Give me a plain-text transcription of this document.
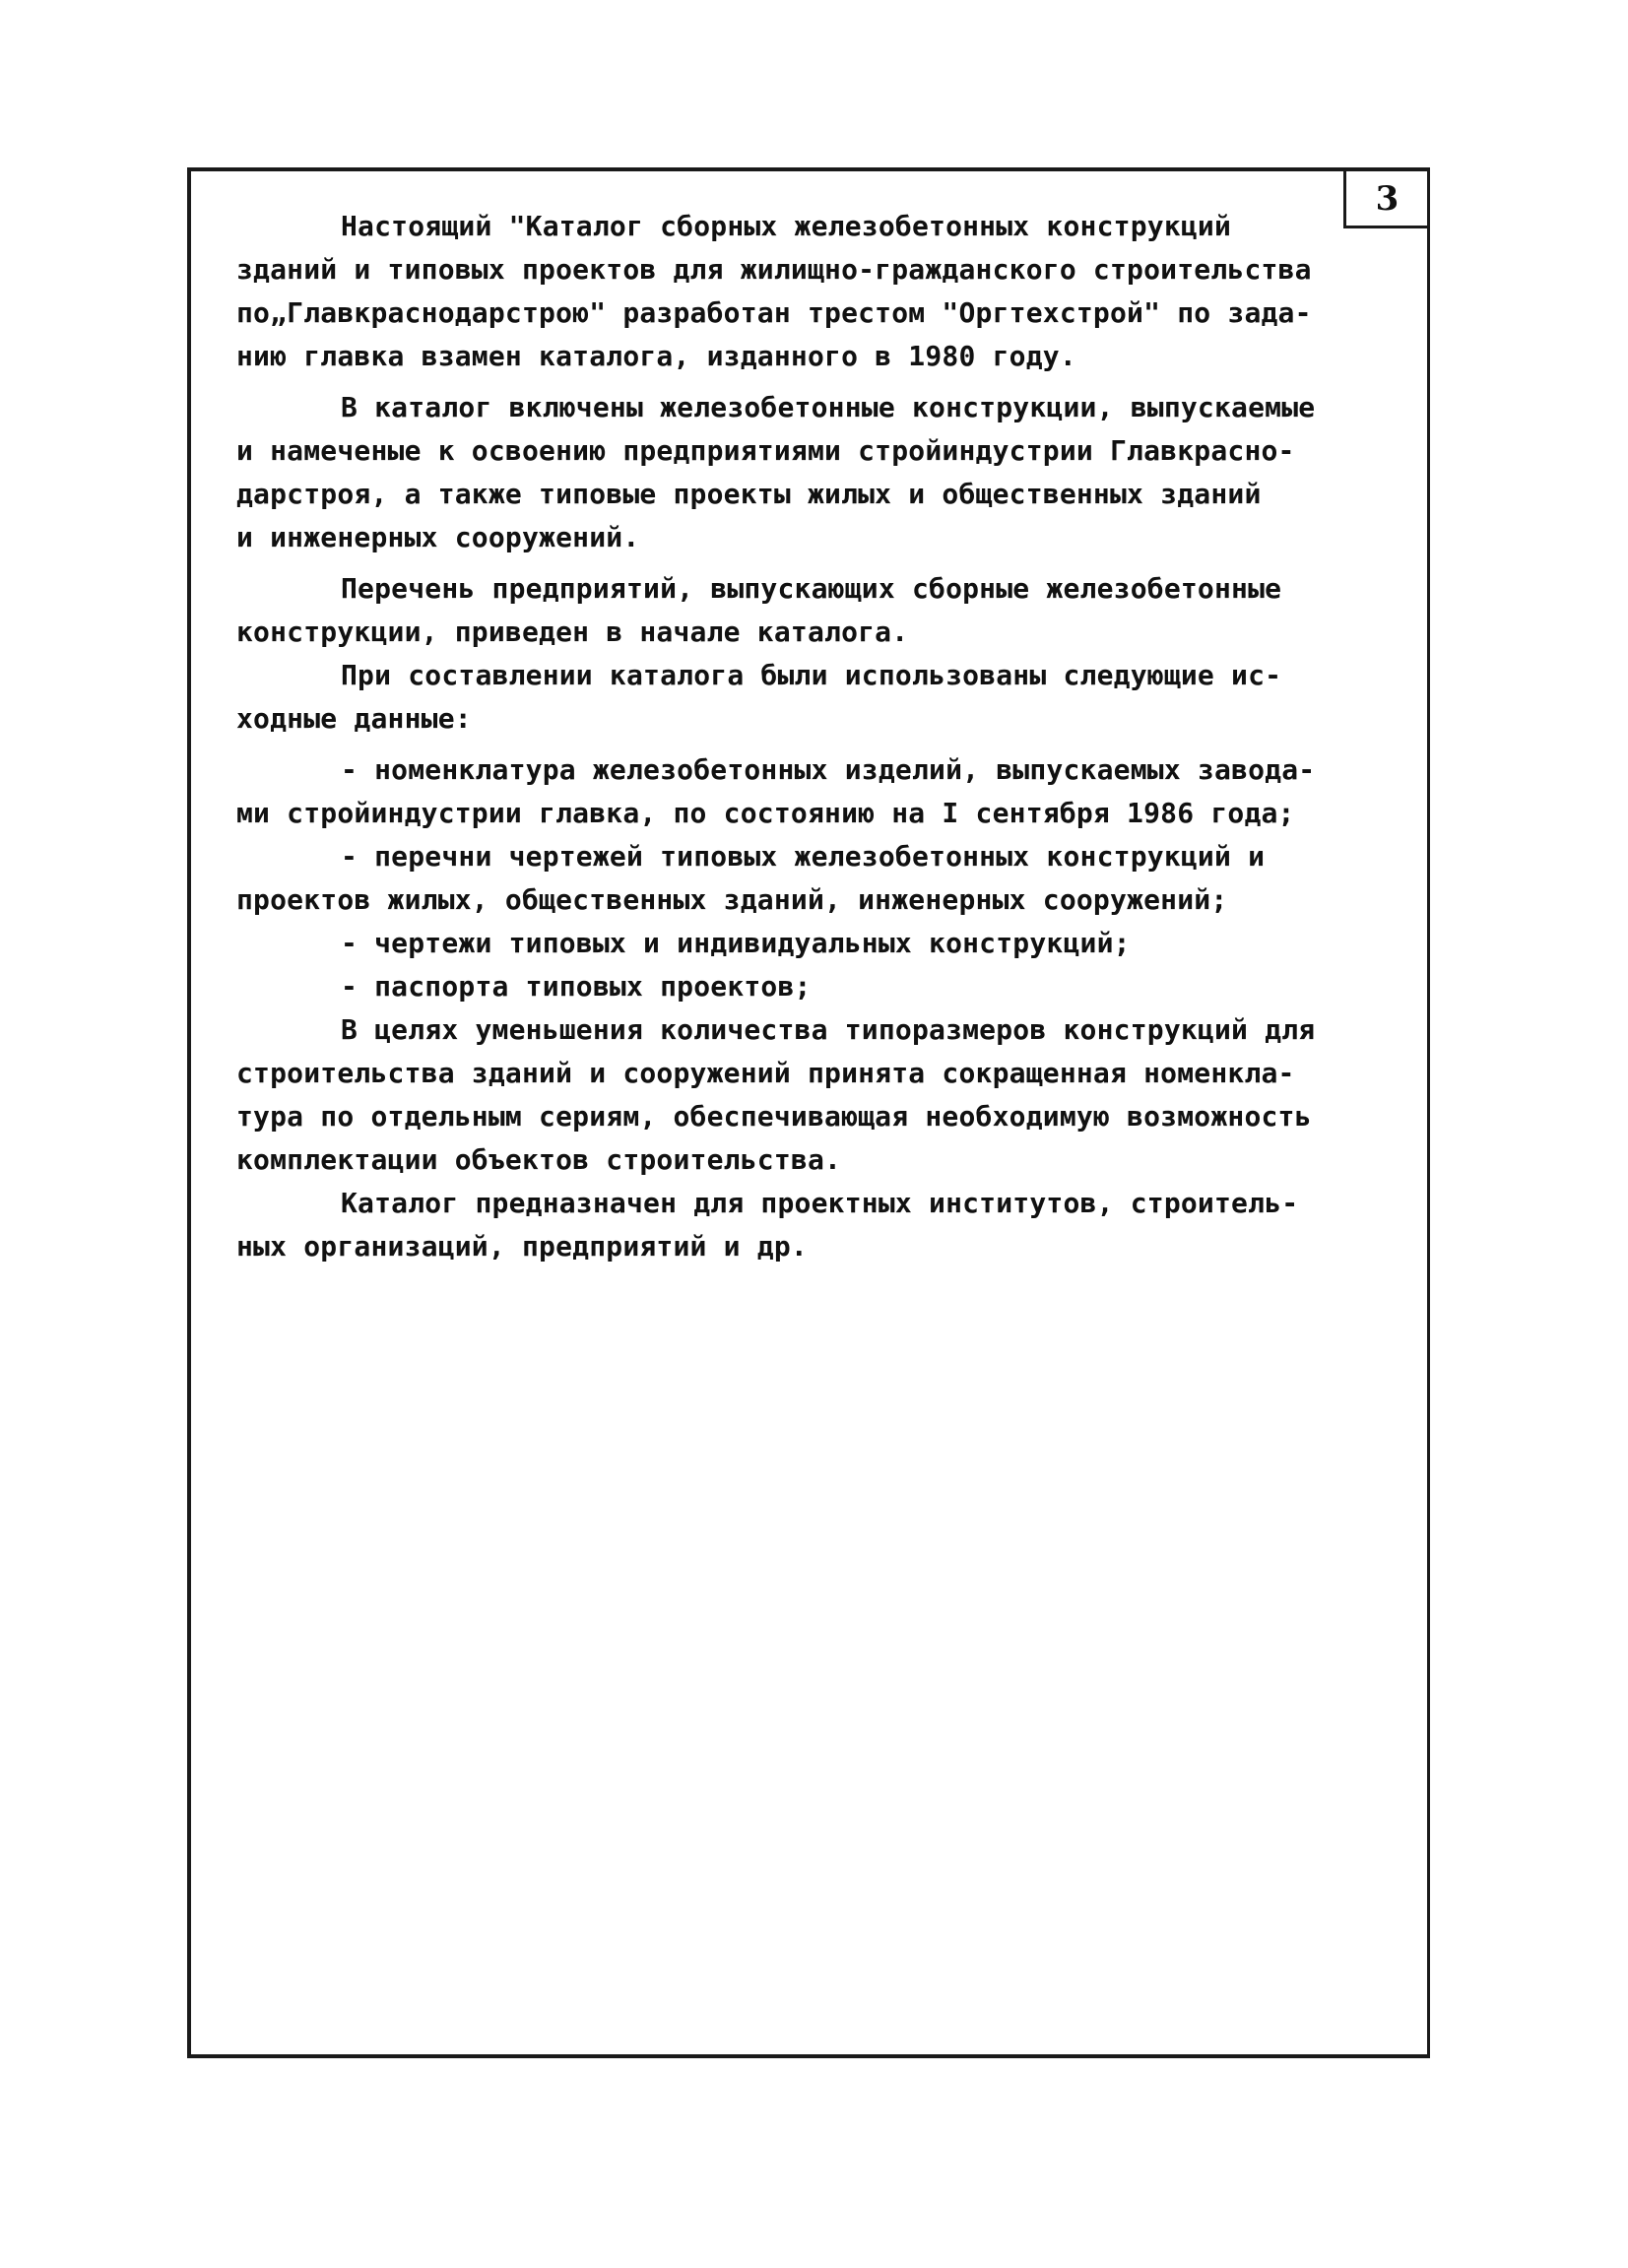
3
Настоящий "Каталог сборных железобетонных конструкций
зданий и типовых проектов для жилищно-гражданского строительства
по„Главкраснодарстрою" разработан трестом "Оргтехстрой" по зада-
нию главка взамен каталога, изданного в 1980 году.
В каталог включены железобетонные конструкции, выпускаемые
и намеченые к освоению предприятиями стройиндустрии Главкрасно-
дарстроя, а также типовые проекты жилых и общественных зданий
и инженерных сооружений.
Перечень предприятий, выпускающих сборные железобетонные
конструкции, приведен в начале каталога.
При составлении каталога были использованы следующие ис-
ходные данные:
- номенклатура железобетонных изделий, выпускаемых завода-
ми стройиндустрии главка, по состоянию на I сентября 1986 года;
- перечни чертежей типовых железобетонных конструкций и
проектов жилых, общественных зданий, инженерных сооружений;
- чертежи типовых и индивидуальных конструкций;
- паспорта типовых проектов;
В целях уменьшения количества типоразмеров конструкций для
строительства зданий и сооружений принята сокращенная номенкла-
тура по отдельным сериям, обеспечивающая необходимую возможность
комплектации объектов строительства.
Каталог предназначен для проектных институтов, строитель-
ных организаций, предприятий и др.
